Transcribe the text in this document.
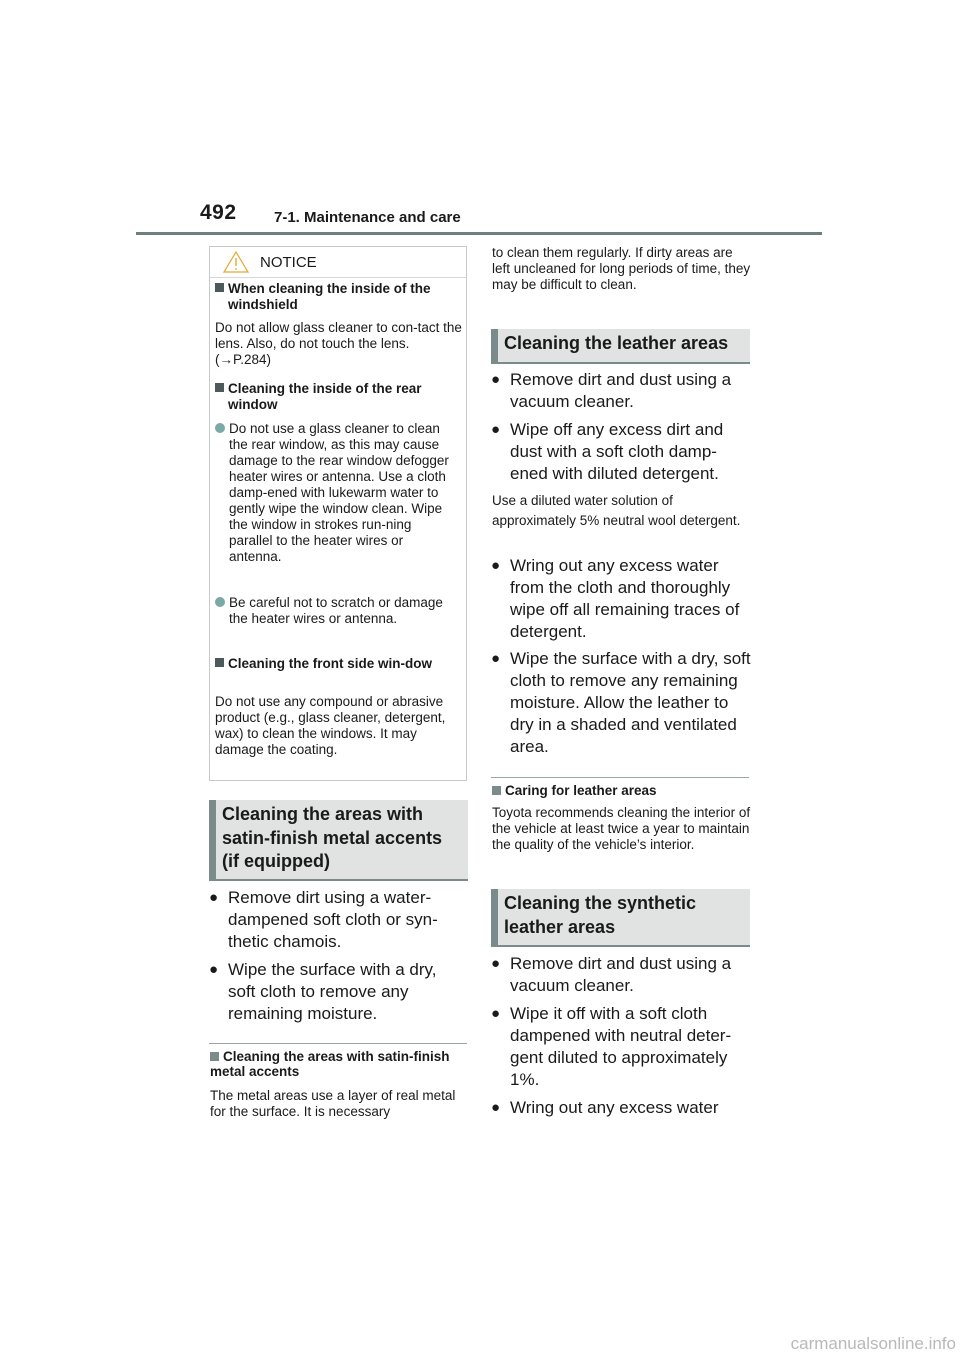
492 7-1. Maintenance and care
NOTICE
When cleaning the inside of the windshield
Do not allow glass cleaner to con-tact the lens. Also, do not touch the lens. (→P.284)
Cleaning the inside of the rear window
Do not use a glass cleaner to clean the rear window, as this may cause damage to the rear window defogger heater wires or antenna. Use a cloth damp-ened with lukewarm water to gently wipe the window clean. Wipe the window in strokes run-ning parallel to the heater wires or antenna.
Be careful not to scratch or damage the heater wires or antenna.
Cleaning the front side win-dow
Do not use any compound or abrasive product (e.g., glass cleaner, detergent, wax) to clean the windows. It may damage the coating.
Cleaning the areas with satin-finish metal accents (if equipped)
● Remove dirt using a water-dampened soft cloth or syn-thetic chamois.
● Wipe the surface with a dry, soft cloth to remove any remaining moisture.
Cleaning the areas with satin-finish metal accents
The metal areas use a layer of real metal for the surface. It is necessary
to clean them regularly. If dirty areas are left uncleaned for long periods of time, they may be difficult to clean.
Cleaning the leather areas
● Remove dirt and dust using a vacuum cleaner.
● Wipe off any excess dirt and dust with a soft cloth damp-ened with diluted detergent.
Use a diluted water solution of approximately 5% neutral wool detergent.
● Wring out any excess water from the cloth and thoroughly wipe off all remaining traces of detergent.
● Wipe the surface with a dry, soft cloth to remove any remaining moisture. Allow the leather to dry in a shaded and ventilated area.
Caring for leather areas
Toyota recommends cleaning the interior of the vehicle at least twice a year to maintain the quality of the vehicle’s interior.
Cleaning the synthetic leather areas
● Remove dirt and dust using a vacuum cleaner.
● Wipe it off with a soft cloth dampened with neutral deter-gent diluted to approximately 1%.
● Wring out any excess water
carmanualsonline.info
